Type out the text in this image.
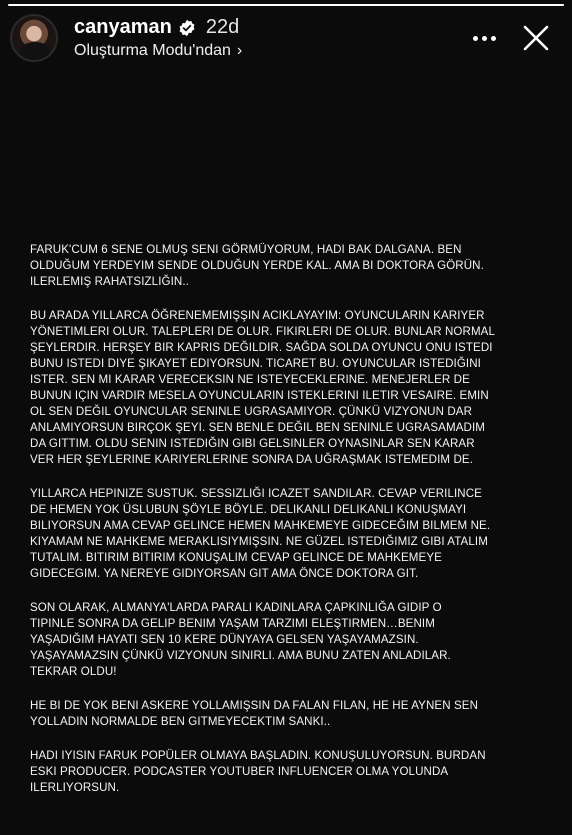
canyaman 22d
Oluşturma Modu'ndan ›

FARUK'CUM 6 SENE OLMUŞ SENI GÖRMÜYORUM, HADI BAK DALGANA. BEN
OLDUĞUM YERDEYIM SENDE OLDUĞUN YERDE KAL. AMA BI DOKTORA GÖRÜN.
ILERLEMIŞ RAHATSIZLIĞIN..

BU ARADA YILLARCA ÖĞRENEMEMIŞŞIN ACIKLAYAYIM: OYUNCULARIN KARIYER
YÖNETIMLERI OLUR. TALEPLERI DE OLUR. FIKIRLERI DE OLUR. BUNLAR NORMAL
ŞEYLERDIR. HERŞEY BIR KAPRIS DEĞILDIR. SAĞDA SOLDA OYUNCU ONU ISTEDI
BUNU ISTEDI DIYE ŞIKAYET EDIYORSUN. TICARET BU. OYUNCULAR ISTEDIĞINI
ISTER. SEN MI KARAR VERECEKSIN NE ISTEYECEKLERINE. MENEJERLER DE
BUNUN IÇIN VARDIR MESELA OYUNCULARIN ISTEKLERINI ILETIR VESAIRE. EMIN
OL SEN DEĞIL OYUNCULAR SENINLE UGRASAMIYOR. ÇÜNKÜ VIZYONUN DAR
ANLAMIYORSUN BIRÇOK ŞEYI. SEN BENLE DEĞIL BEN SENINLE UGRASAMADIM
DA GITTIM. OLDU SENIN ISTEDIĞIN GIBI GELSINLER OYNASINLAR SEN KARAR
VER HER ŞEYLERINE KARIYERLERINE SONRA DA UĞRAŞMAK ISTEMEDIM DE.

YILLARCA HEPINIZE SUSTUK. SESSIZLIĞI ICAZET SANDILAR. CEVAP VERILINCE
DE HEMEN YOK ÜSLUBUN ŞÖYLE BÖYLE. DELIKANLI DELIKANLI KONUŞMAYI
BILIYORSUN AMA CEVAP GELINCE HEMEN MAHKEMEYE GIDECEĞIM BILMEM NE.
KIYAMAM NE MAHKEME MERAKLISIYMIŞSIN. NE GÜZEL ISTEDIĞIMIZ GIBI ATALIM
TUTALIM. BITIRIM BITIRIM KONUŞALIM CEVAP GELINCE DE MAHKEMEYE
GIDECEGIM. YA NEREYE GIDIYORSAN GIT AMA ÖNCE DOKTORA GIT.

SON OLARAK, ALMANYA'LARDA PARALI KADINLARA ÇAPKINLIĞA GIDIP O
TIPINLE SONRA DA GELIP BENIM YAŞAM TARZIMI ELEŞTIRMEN…BENIM
YAŞADIĞIM HAYATI SEN 10 KERE DÜNYAYA GELSEN YAŞAYAMAZSIN.
YAŞAYAMAZSIN ÇÜNKÜ VIZYONUN SINIRLI. AMA BUNU ZATEN ANLADILAR.
TEKRAR OLDU!

HE BI DE YOK BENI ASKERE YOLLAMIŞSIN DA FALAN FILAN, HE HE AYNEN SEN
YOLLADIN NORMALDE BEN GITMEYECEKTIM SANKI..

HADI IYISIN FARUK POPÜLER OLMAYA BAŞLADIN. KONUŞULUYORSUN. BURDAN
ESKI PRODUCER. PODCASTER YOUTUBER INFLUENCER OLMA YOLUNDA
ILERLIYORSUN.
